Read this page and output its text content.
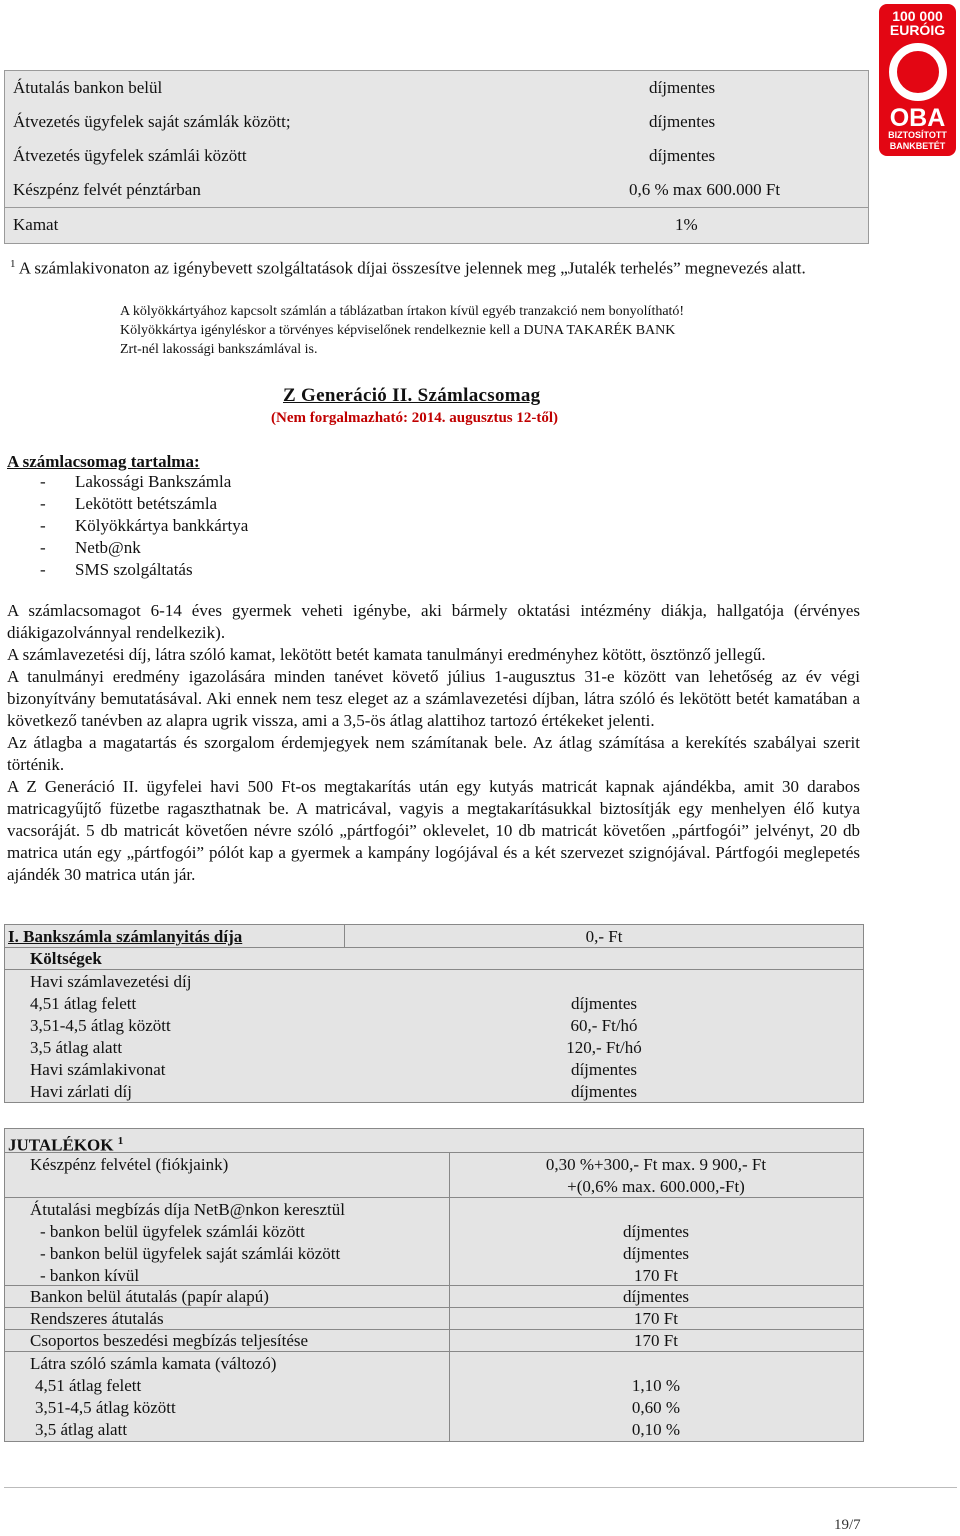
100 000
EURÓIG
OBA
BIZTOSÍTOTT
BANKBETÉT
Átutalás bankon belül	díjmentes
Átvezetés ügyfelek saját számlák között;	díjmentes
Átvezetés ügyfelek számlái között	díjmentes
Készpénz felvét pénztárban	0,6 % max 600.000 Ft
Kamat	1%
$^1$ A számlakivonaton az igénybevett szolgáltatások díjai összesítve jelennek meg „Jutalék terhelés” megnevezés alatt.
A kölyökkártyához kapcsolt számlán a táblázatban írtakon kívül egyéb tranzakció nem bonyolítható!
Kölyökkártya igényléskor a törvényes képviselőnek rendelkeznie kell a DUNA TAKARÉK BANK
Zrt-nél lakossági bankszámlával is.
Z Generáció II. Számlacsomag
(Nem forgalmazható: 2014. augusztus 12-től)
A számlacsomag tartalma:
- Lakossági Bankszámla
- Lekötött betétszámla
- Kölyökkártya bankkártya
- Netb@nk
- SMS szolgáltatás

A számlacsomagot 6-14 éves gyermek veheti igénybe, aki bármely oktatási intézmény diákja, hallgatója (érvényes diákigazolvánnyal rendelkezik).

A számlavezetési díj, látra szóló kamat, lekötött betét kamata tanulmányi eredményhez kötött, ösztönző jellegű.

A tanulmányi eredmény igazolására minden tanévet követő július 1-augusztus 31-e között van lehetőség az év végi bizonyítvány bemutatásával. Aki ennek nem tesz eleget az a számlavezetési díjban, látra szóló és lekötött betét kamatában a következő tanévben az alapra ugrik vissza, ami a 3,5-ös átlag alattihoz tartozó értékeket jelenti.

Az átlagba a magatartás és szorgalom érdemjegyek nem számítanak bele. Az átlag számítása a kerekítés szabályai szerit történik.

A Z Generáció II. ügyfelei havi 500 Ft-os megtakarítás után egy kutyás matricát kapnak ajándékba, amit 30 darabos matricagyűjtő füzetbe ragaszthatnak be. A matricával, vagyis a megtakarításukkal biztosítják egy menhelyen élő kutya vacsoráját. 5 db matricát követően névre szóló „pártfogói” oklevelet, 10 db matricát követően „pártfogói” jelvényt, 20 db matrica után egy „pártfogói” pólót kap a gyermek a kampány logójával és a két szervezet szignójával. Pártfogói meglepetés ajándék 30 matrica után jár.

I. Bankszámla számlanyitás díja	0,- Ft
Költségek
Havi számlavezetési díj
4,51 átlag felett	díjmentes
3,51-4,5 átlag között	60,- Ft/hó
3,5 átlag alatt	120,- Ft/hó
Havi számlakivonat	díjmentes
Havi zárlati díj	díjmentes
JUTALÉKOK $^1$
Készpénz felvétel (fiókjaink)	0,30 %+300,- Ft max. 9 900,- Ft
+(0,6% max. 600.000,-Ft)
Átutalási megbízás díja NetB@nkon keresztül
- bankon belül ügyfelek számlái között	díjmentes
- bankon belül ügyfelek saját számlái között	díjmentes
- bankon kívül	170 Ft
Bankon belül átutalás (papír alapú)	díjmentes
Rendszeres átutalás	170 Ft
Csoportos beszedési megbízás teljesítése	170 Ft
Látra szóló számla kamata (változó)
4,51 átlag felett	1,10 %
3,51-4,5 átlag között	0,60 %
3,5 átlag alatt	0,10 %
19/7
